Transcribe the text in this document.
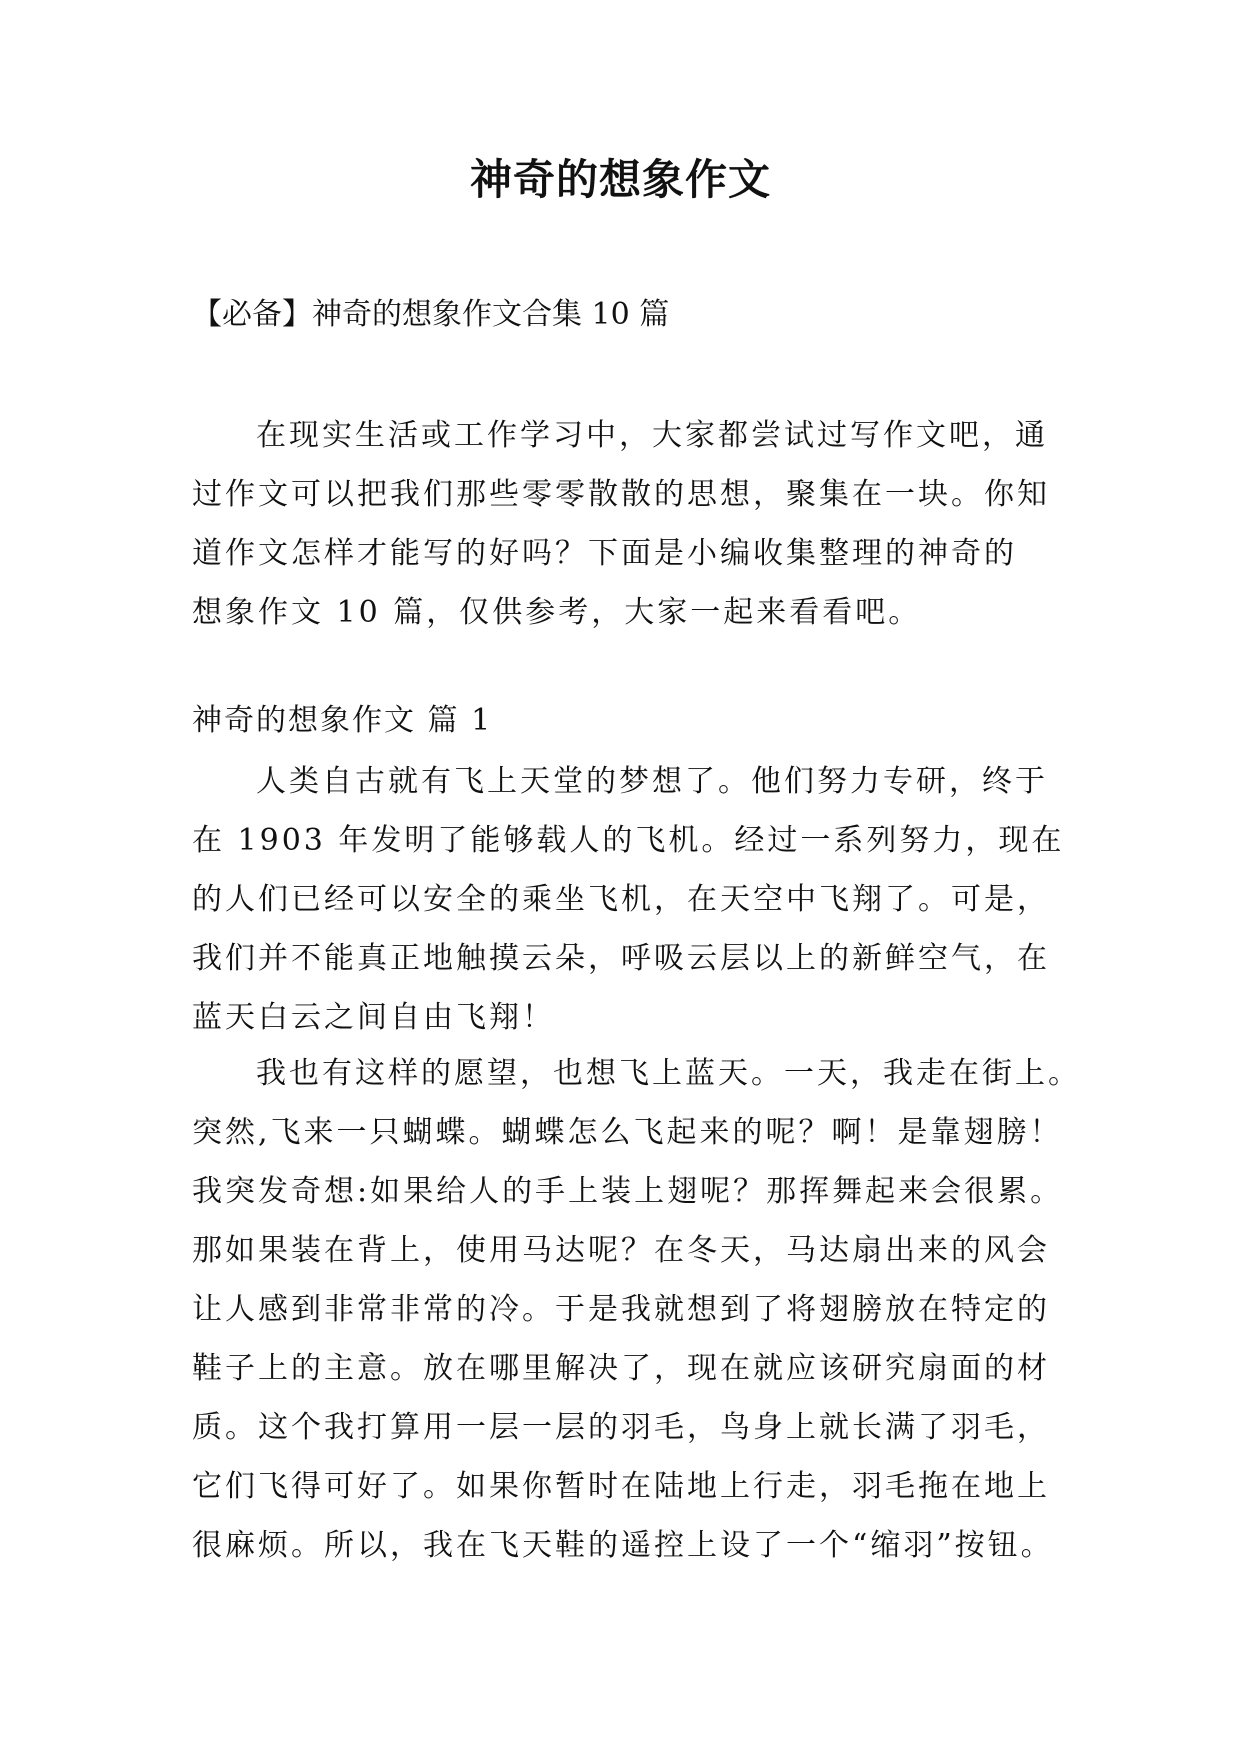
神奇的想象作文
【必备】神奇的想象作文合集 10 篇
在现实生活或工作学习中，大家都尝试过写作文吧，通
过作文可以把我们那些零零散散的思想，聚集在一块。你知
道作文怎样才能写的好吗？下面是小编收集整理的神奇的
想象作文 10 篇，仅供参考，大家一起来看看吧。
神奇的想象作文 篇 1
人类自古就有飞上天堂的梦想了。他们努力专研，终于
在 1903 年发明了能够载人的飞机。经过一系列努力，现在
的人们已经可以安全的乘坐飞机，在天空中飞翔了。可是，
我们并不能真正地触摸云朵，呼吸云层以上的新鲜空气，在
蓝天白云之间自由飞翔！
我也有这样的愿望，也想飞上蓝天。一天，我走在街上。
突然,飞来一只蝴蝶。蝴蝶怎么飞起来的呢？啊！是靠翅膀！
我突发奇想:如果给人的手上装上翅呢？那挥舞起来会很累。
那如果装在背上，使用马达呢？在冬天，马达扇出来的风会
让人感到非常非常的冷。于是我就想到了将翅膀放在特定的
鞋子上的主意。放在哪里解决了，现在就应该研究扇面的材
质。这个我打算用一层一层的羽毛，鸟身上就长满了羽毛，
它们飞得可好了。如果你暂时在陆地上行走，羽毛拖在地上
很麻烦。所以，我在飞天鞋的遥控上设了一个“缩羽”按钮。
